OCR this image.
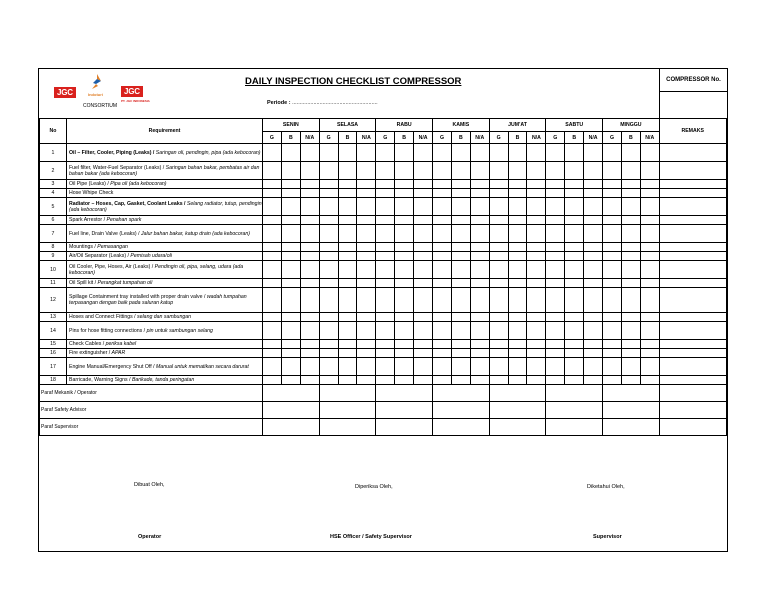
JGC	Indoturi	JGC
PT. JGC INDONESIA
CONSORTIUM
DAILY INSPECTION CHECKLIST COMPRESSOR
Periode : ........................................................
COMPRESSOR No.
No	Requirement	SENIN			SELASA			RABU			KAMIS			JUM'AT			SABTU			MINGGU			REMAKS
		G	B	N/A	G	B	N/A	G	B	N/A	G	B	N/A	G	B	N/A	G	B	N/A	G	B	N/A	
1	Oil – Filter, Cooler, Piping (Leaks) / Saringan oli, pendingin, pipa (ada kebocoran)																						
2	Fuel filter, Water-Fuel Separator (Leaks) / Saringan bahan bakar, pembatas air dan bahan bakar (ada kebocoran)																						
3	Oil Pipe (Leaks) / Pipa oli (ada kebocoran)																						
4	Hose Whipe Check																						
5	Radiator – Hoses, Cap, Gasket, Coolant Leaks / Selang radiator, tutup, pendingin (ada kebocoran)																						
6	Spark Arrestor / Penahan spark																						
7	Fuel line, Drain Valve (Leaks) / Jalur bahan bakar, katup drain (ada kebocoran)																						
8	Mountings / Pemasangan																						
9	Air/Oil Separator (Leaks) / Pemisah udara/oli																						
10	Oil Cooler, Pipe, Hoses, Air (Leaks) / Pendingin oli, pipa, selang, udara (ada kebocoran)																						
11	Oil Spill kit / Perangkat tumpahan oli																						
12	Spillage Containment tray installed with proper drain valve / wadah tumpahan terpasangan dengan baik pada saluran katup																						
13	Hoses and Connect Fittings / selang dan sambungan																						
14	Pins for hose fitting connections / pin untuk sambungan selang																						
15	Check Cables / periksa kabel																						
16	Fire extinguisher / APAR																						
17	Engine Manual/Emergency Shut Off / Manual untuk mematikan secara darurat																						
18	Barricade, Warning Signs / Barikade, tanda peringatan																						
Paraf Mekanik / Operator																							
Paraf Safety Advisor																							
Paraf Supervisor																							
Dibuat Oleh,	Diperiksa Oleh,	Diketahui Oleh,
Operator	HSE Officer / Safety Supervisor	Supervisor
